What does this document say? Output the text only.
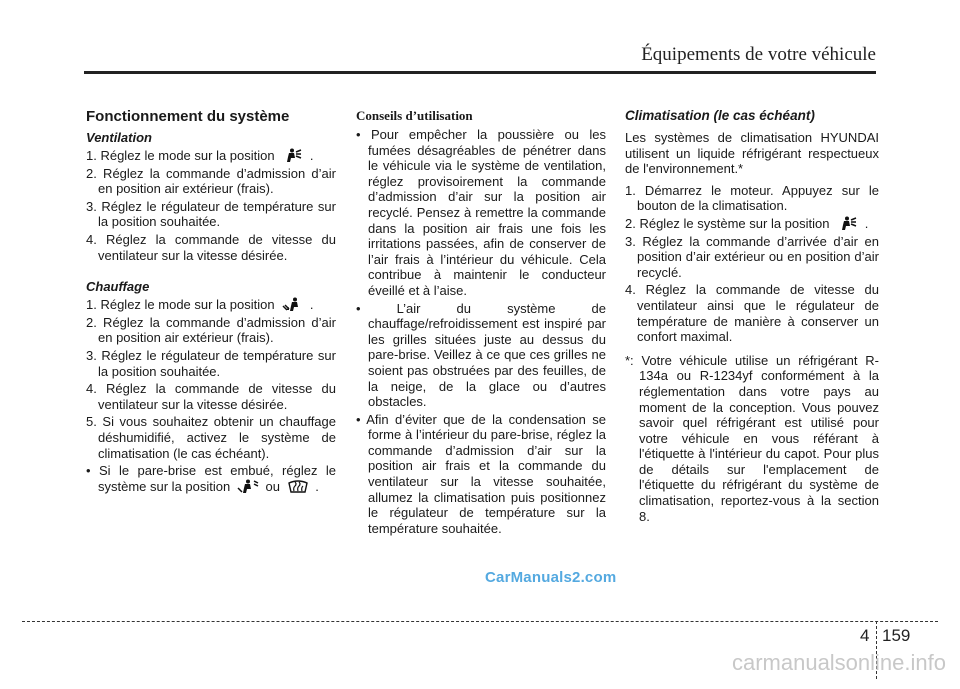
Équipements de votre véhicule
Fonctionnement du système
Ventilation
1. Réglez le mode sur la position	.
2. Réglez la commande d’admission d’air en position air extérieur (frais).
3. Réglez le régulateur de température sur la position souhaitée.
4. Réglez la commande de vitesse du ventilateur sur la vitesse désirée.
Chauffage
1. Réglez le mode sur la position	.
2. Réglez la commande d’admission d’air en position air extérieur (frais).
3. Réglez le régulateur de température sur la position souhaitée.
4. Réglez la commande de vitesse du ventilateur sur la vitesse désirée.
5. Si vous souhaitez obtenir un chauffage déshumidifié, activez le système de climatisation (le cas échéant).
• Si le pare-brise est embué, réglez le système sur la position	ou	.
Conseils d’utilisation
• Pour empêcher la poussière ou les fumées désagréables de pénétrer dans le véhicule via le système de ventilation, réglez provisoirement la commande d’admission d’air sur la position air recyclé. Pensez à remettre la commande dans la position air frais une fois les irritations passées, afin de conserver de l’air frais à l’intérieur du véhicule. Cela contribue à maintenir le conducteur éveillé et à l’aise.
• L’air du système de chauffage/refroidissement est inspiré par les grilles situées juste au dessus du pare-brise. Veillez à ce que ces grilles ne soient pas obstruées par des feuilles, de la neige, de la glace ou d’autres obstacles.
• Afin d’éviter que de la condensation se forme à l’intérieur du pare-brise, réglez la commande d’admission d’air sur la position air frais et la commande du ventilateur sur la vitesse souhaitée, allumez la climatisation puis positionnez le régulateur de température sur la température souhaitée.
Climatisation (le cas échéant)
Les systèmes de climatisation HYUNDAI utilisent un liquide réfrigérant respectueux de l'environnement.*
1. Démarrez le moteur. Appuyez sur le bouton de la climatisation.
2. Réglez le système sur la position	.
3. Réglez la commande d’arrivée d’air en position d’air extérieur ou en position d’air recyclé.
4. Réglez la commande de vitesse du ventilateur ainsi que le régulateur de température de manière à conserver un confort maximal.
*: Votre véhicule utilise un réfrigérant R-134a ou R-1234yf conformément à la réglementation dans votre pays au moment de la conception. Vous pouvez savoir quel réfrigérant est utilisé pour votre véhicule en vous référant à l'étiquette à l'intérieur du capot. Pour plus de détails sur l'emplacement de l'étiquette du réfrigérant du système de climatisation, reportez-vous à la section 8.
CarManuals2.com
4 159
carmanualsonline.info
